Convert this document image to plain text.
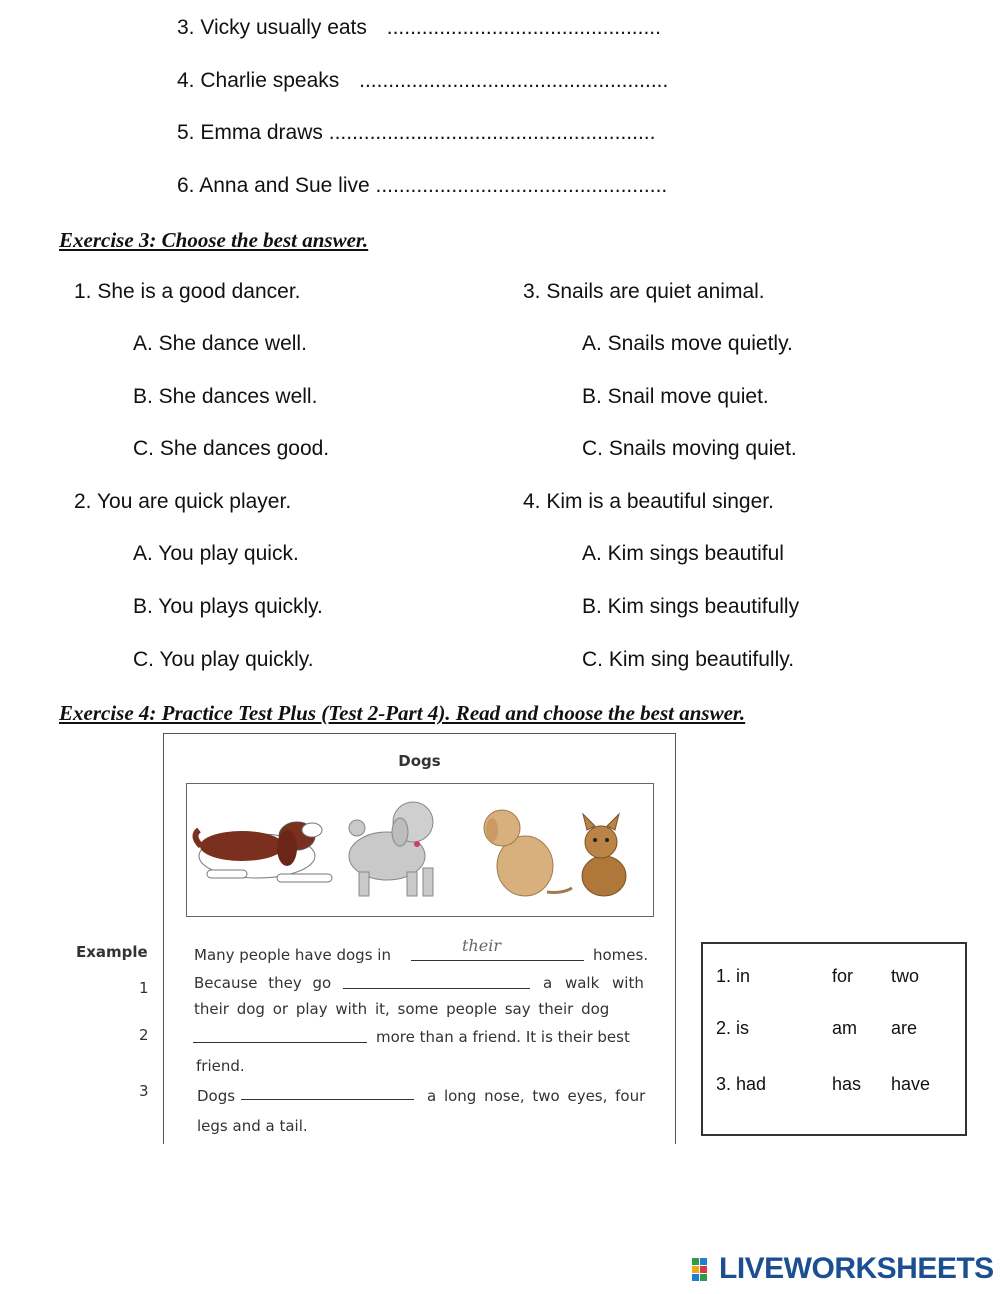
3. Vicky usually eats ...............................................
4. Charlie speaks .....................................................
5. Emma draws ........................................................
6. Anna and Sue live ..................................................
Exercise 3: Choose the best answer.
1. She is a good dancer.
A. She dance well.
B. She dances well.
C. She dances good.
2. You are quick player.
A. You play quick.
B. You plays quickly.
C. You play quickly.
3. Snails are quiet animal.
A. Snails move quietly.
B. Snail move quiet.
C. Snails moving quiet.
4. Kim is a beautiful singer.
A. Kim sings beautiful
B. Kim sings beautifully
C. Kim sing beautifully.
Exercise 4: Practice Test Plus (Test 2-Part 4). Read and choose the best answer.
Dogs
Example
1
2
3
Many people have dogs in	their	homes.
Because they go	a walk with
their dog or play with it, some people say their dog
more than a friend. It is their best
friend.
Dogs	a long nose, two eyes, four
legs and a tail.
1. in	for two
2. is	am are
3. had	has have
LIVEWORKSHEETS
